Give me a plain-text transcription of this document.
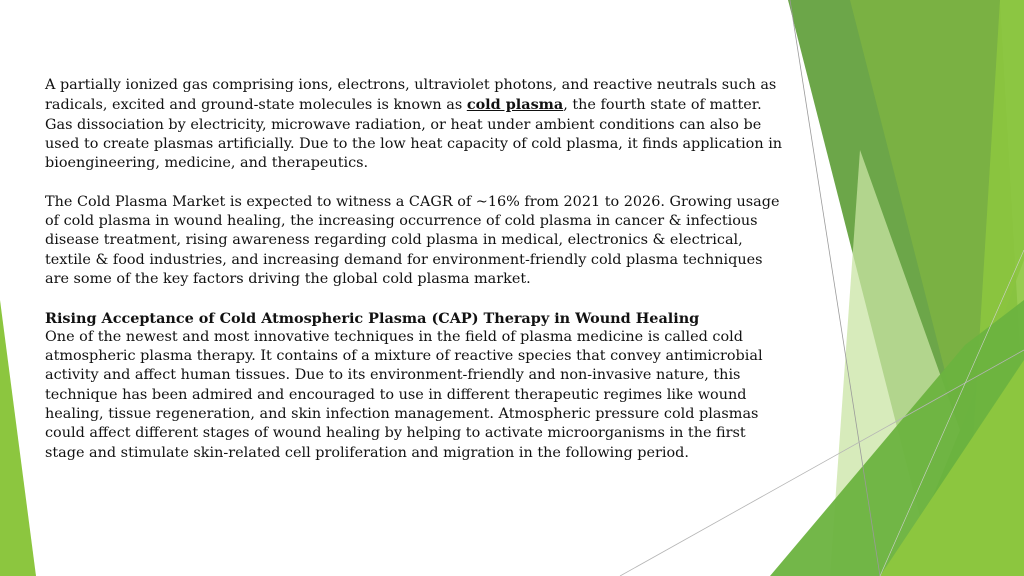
A partially ionized gas comprising ions, electrons, ultraviolet photons, and reactive neutrals such as radicals, excited and ground-state molecules is known as cold plasma, the fourth state of matter. Gas dissociation by electricity, microwave radiation, or heat under ambient conditions can also be used to create plasmas artificially. Due to the low heat capacity of cold plasma, it finds application in bioengineering, medicine, and therapeutics.

The Cold Plasma Market is expected to witness a CAGR of ~16% from 2021 to 2026. Growing usage of cold plasma in wound healing, the increasing occurrence of cold plasma in cancer & infectious disease treatment, rising awareness regarding cold plasma in medical, electronics & electrical, textile & food industries, and increasing demand for environment-friendly cold plasma techniques are some of the key factors driving the global cold plasma market.

Rising Acceptance of Cold Atmospheric Plasma (CAP) Therapy in Wound Healing

One of the newest and most innovative techniques in the field of plasma medicine is called cold atmospheric plasma therapy. It contains of a mixture of reactive species that convey antimicrobial activity and affect human tissues. Due to its environment-friendly and non-invasive nature, this technique has been admired and encouraged to use in different therapeutic regimes like wound healing, tissue regeneration, and skin infection management. Atmospheric pressure cold plasmas could affect different stages of wound healing by helping to activate microorganisms in the first stage and stimulate skin-related cell proliferation and migration in the following period.
